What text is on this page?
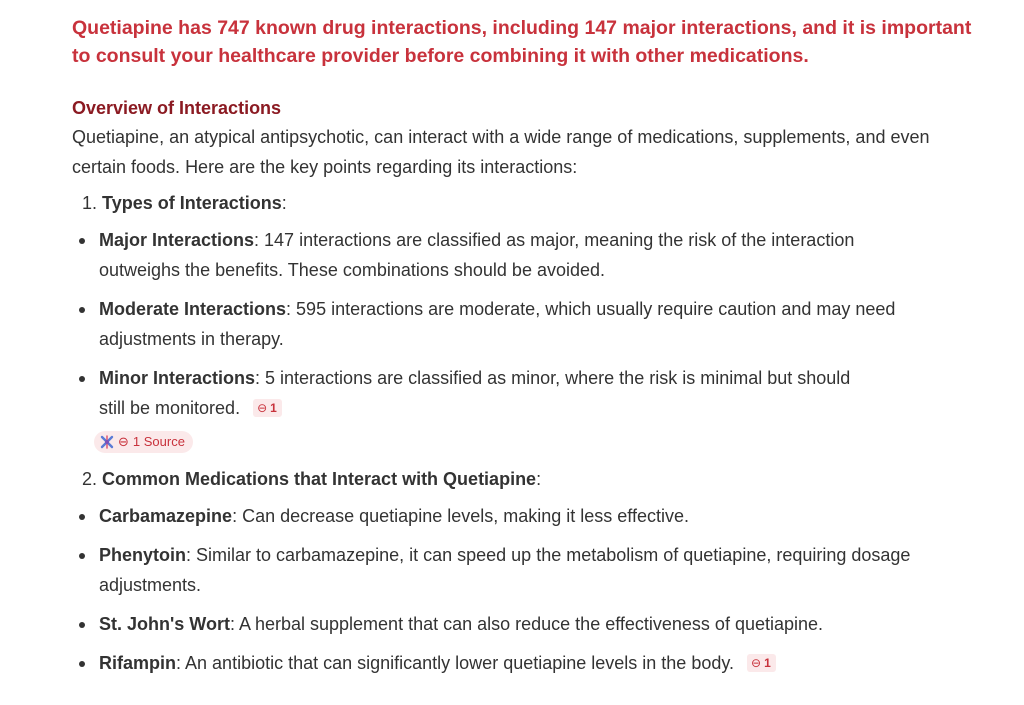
Quetiapine has 747 known drug interactions, including 147 major interactions, and it is important to consult your healthcare provider before combining it with other medications.

Overview of Interactions

Quetiapine, an atypical antipsychotic, can interact with a wide range of medications, supplements, and even certain foods. Here are the key points regarding its interactions:

1. Types of Interactions:
Major Interactions: 147 interactions are classified as major, meaning the risk of the interaction outweighs the benefits. These combinations should be avoided.
Moderate Interactions: 595 interactions are moderate, which usually require caution and may need adjustments in therapy.
Minor Interactions: 5 interactions are classified as minor, where the risk is minimal but should still be monitored. ⊖ 1
⊖ 1 Source
2. Common Medications that Interact with Quetiapine:
Carbamazepine: Can decrease quetiapine levels, making it less effective.
Phenytoin: Similar to carbamazepine, it can speed up the metabolism of quetiapine, requiring dosage adjustments.
St. John's Wort: A herbal supplement that can also reduce the effectiveness of quetiapine.
Rifampin: An antibiotic that can significantly lower quetiapine levels in the body. ⊖ 1
